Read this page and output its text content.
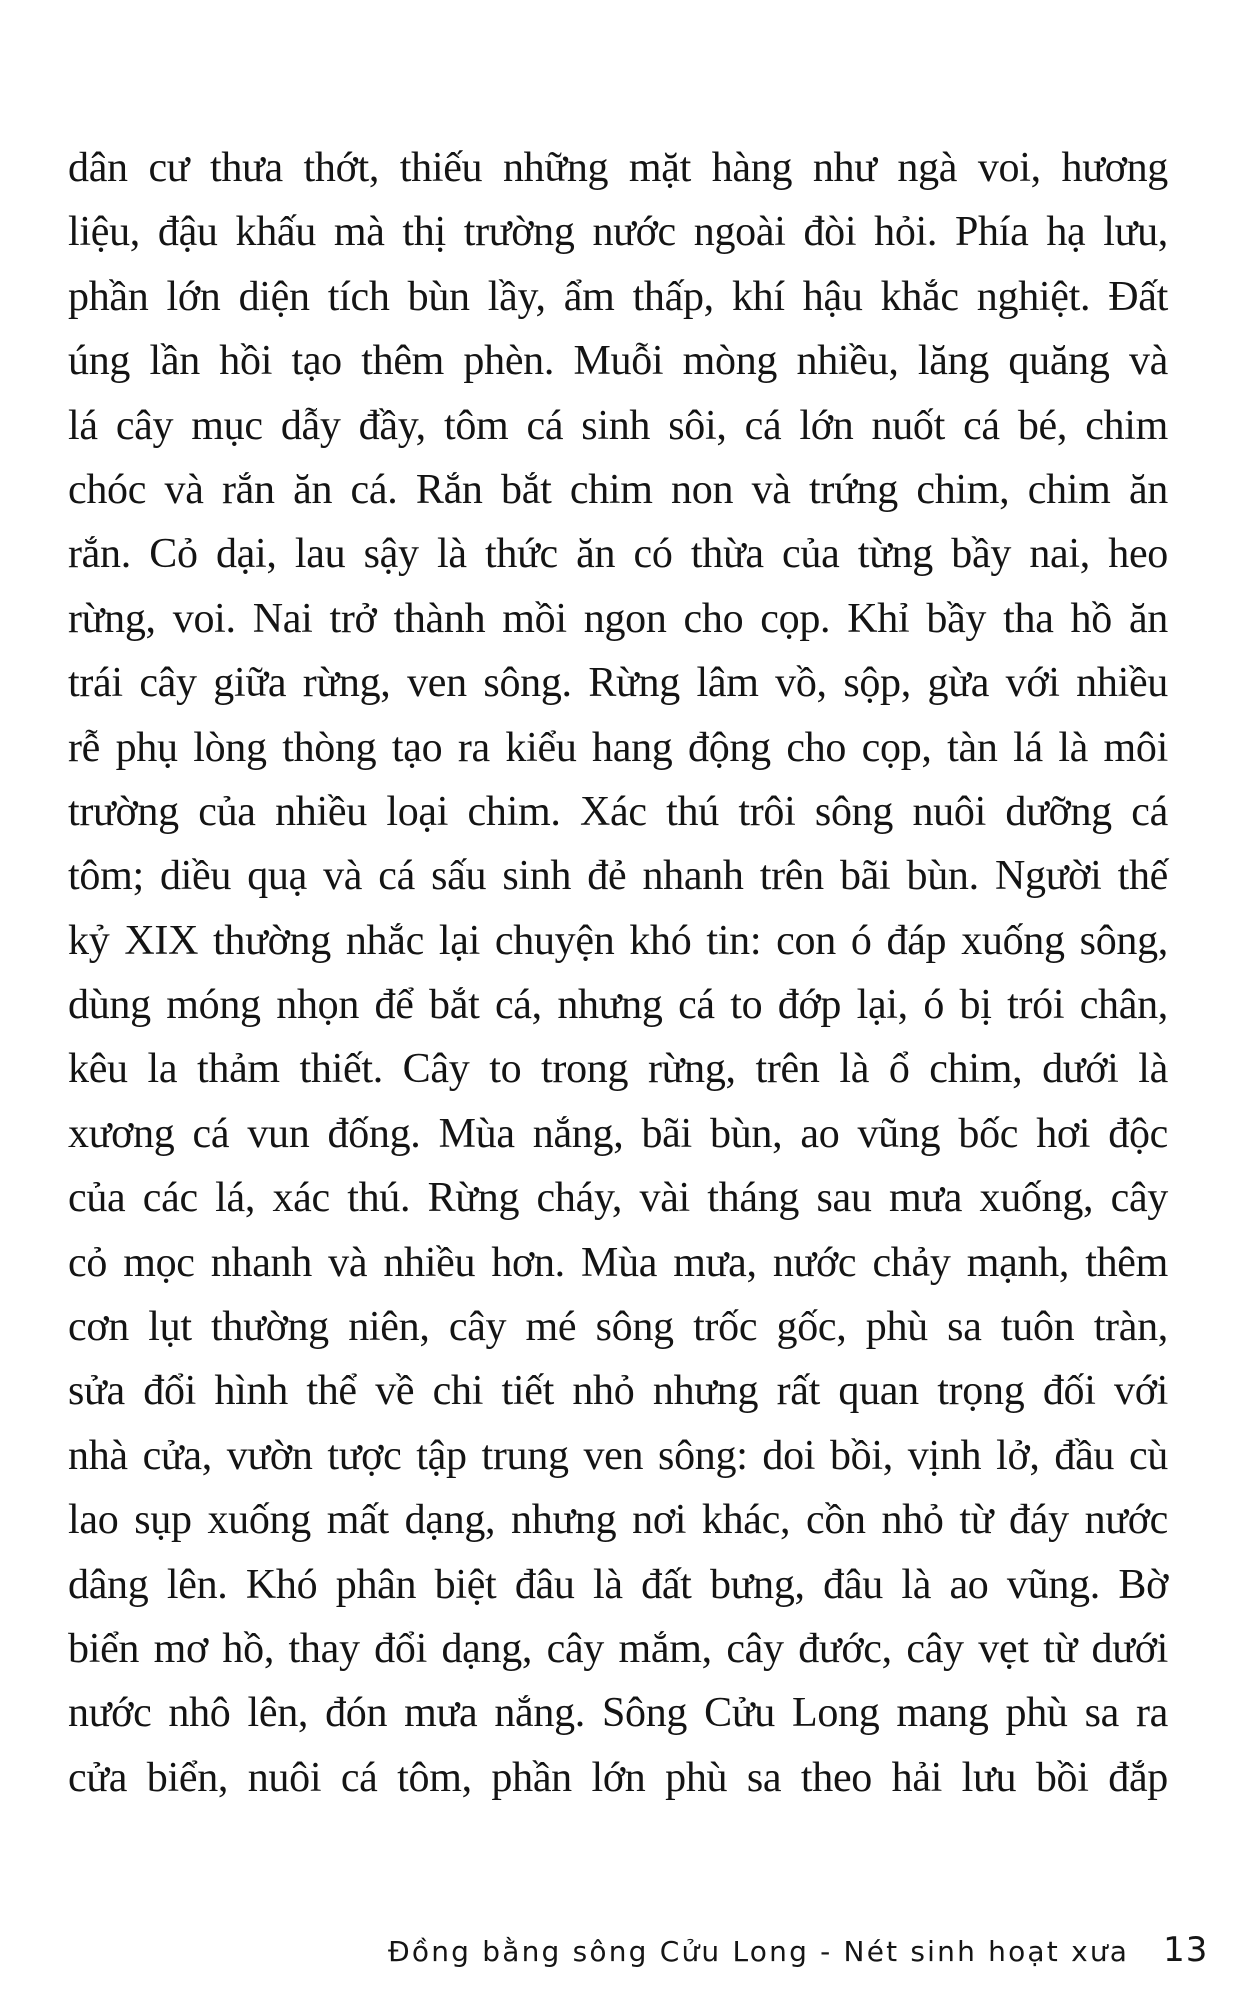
dân cư thưa thớt, thiếu những mặt hàng như ngà voi, hương
liệu, đậu khấu mà thị trường nước ngoài đòi hỏi. Phía hạ lưu,
phần lớn diện tích bùn lầy, ẩm thấp, khí hậu khắc nghiệt. Đất
úng lần hồi tạo thêm phèn. Muỗi mòng nhiều, lăng quăng và
lá cây mục dẫy đầy, tôm cá sinh sôi, cá lớn nuốt cá bé, chim
chóc và rắn ăn cá. Rắn bắt chim non và trứng chim, chim ăn
rắn. Cỏ dại, lau sậy là thức ăn có thừa của từng bầy nai, heo
rừng, voi. Nai trở thành mồi ngon cho cọp. Khỉ bầy tha hồ ăn
trái cây giữa rừng, ven sông. Rừng lâm vồ, sộp, gừa với nhiều
rễ phụ lòng thòng tạo ra kiểu hang động cho cọp, tàn lá là môi
trường của nhiều loại chim. Xác thú trôi sông nuôi dưỡng cá
tôm; diều quạ và cá sấu sinh đẻ nhanh trên bãi bùn. Người thế
kỷ XIX thường nhắc lại chuyện khó tin: con ó đáp xuống sông,
dùng móng nhọn để bắt cá, nhưng cá to đớp lại, ó bị trói chân,
kêu la thảm thiết. Cây to trong rừng, trên là ổ chim, dưới là
xương cá vun đống. Mùa nắng, bãi bùn, ao vũng bốc hơi độc
của các lá, xác thú. Rừng cháy, vài tháng sau mưa xuống, cây
cỏ mọc nhanh và nhiều hơn. Mùa mưa, nước chảy mạnh, thêm
cơn lụt thường niên, cây mé sông trốc gốc, phù sa tuôn tràn,
sửa đổi hình thể về chi tiết nhỏ nhưng rất quan trọng đối với
nhà cửa, vườn tược tập trung ven sông: doi bồi, vịnh lở, đầu cù
lao sụp xuống mất dạng, nhưng nơi khác, cồn nhỏ từ đáy nước
dâng lên. Khó phân biệt đâu là đất bưng, đâu là ao vũng. Bờ
biển mơ hồ, thay đổi dạng, cây mắm, cây đước, cây vẹt từ dưới
nước nhô lên, đón mưa nắng. Sông Cửu Long mang phù sa ra
cửa biển, nuôi cá tôm, phần lớn phù sa theo hải lưu bồi đắp
Đồng bằng sông Cửu Long - Nét sinh hoạt xưa 13
